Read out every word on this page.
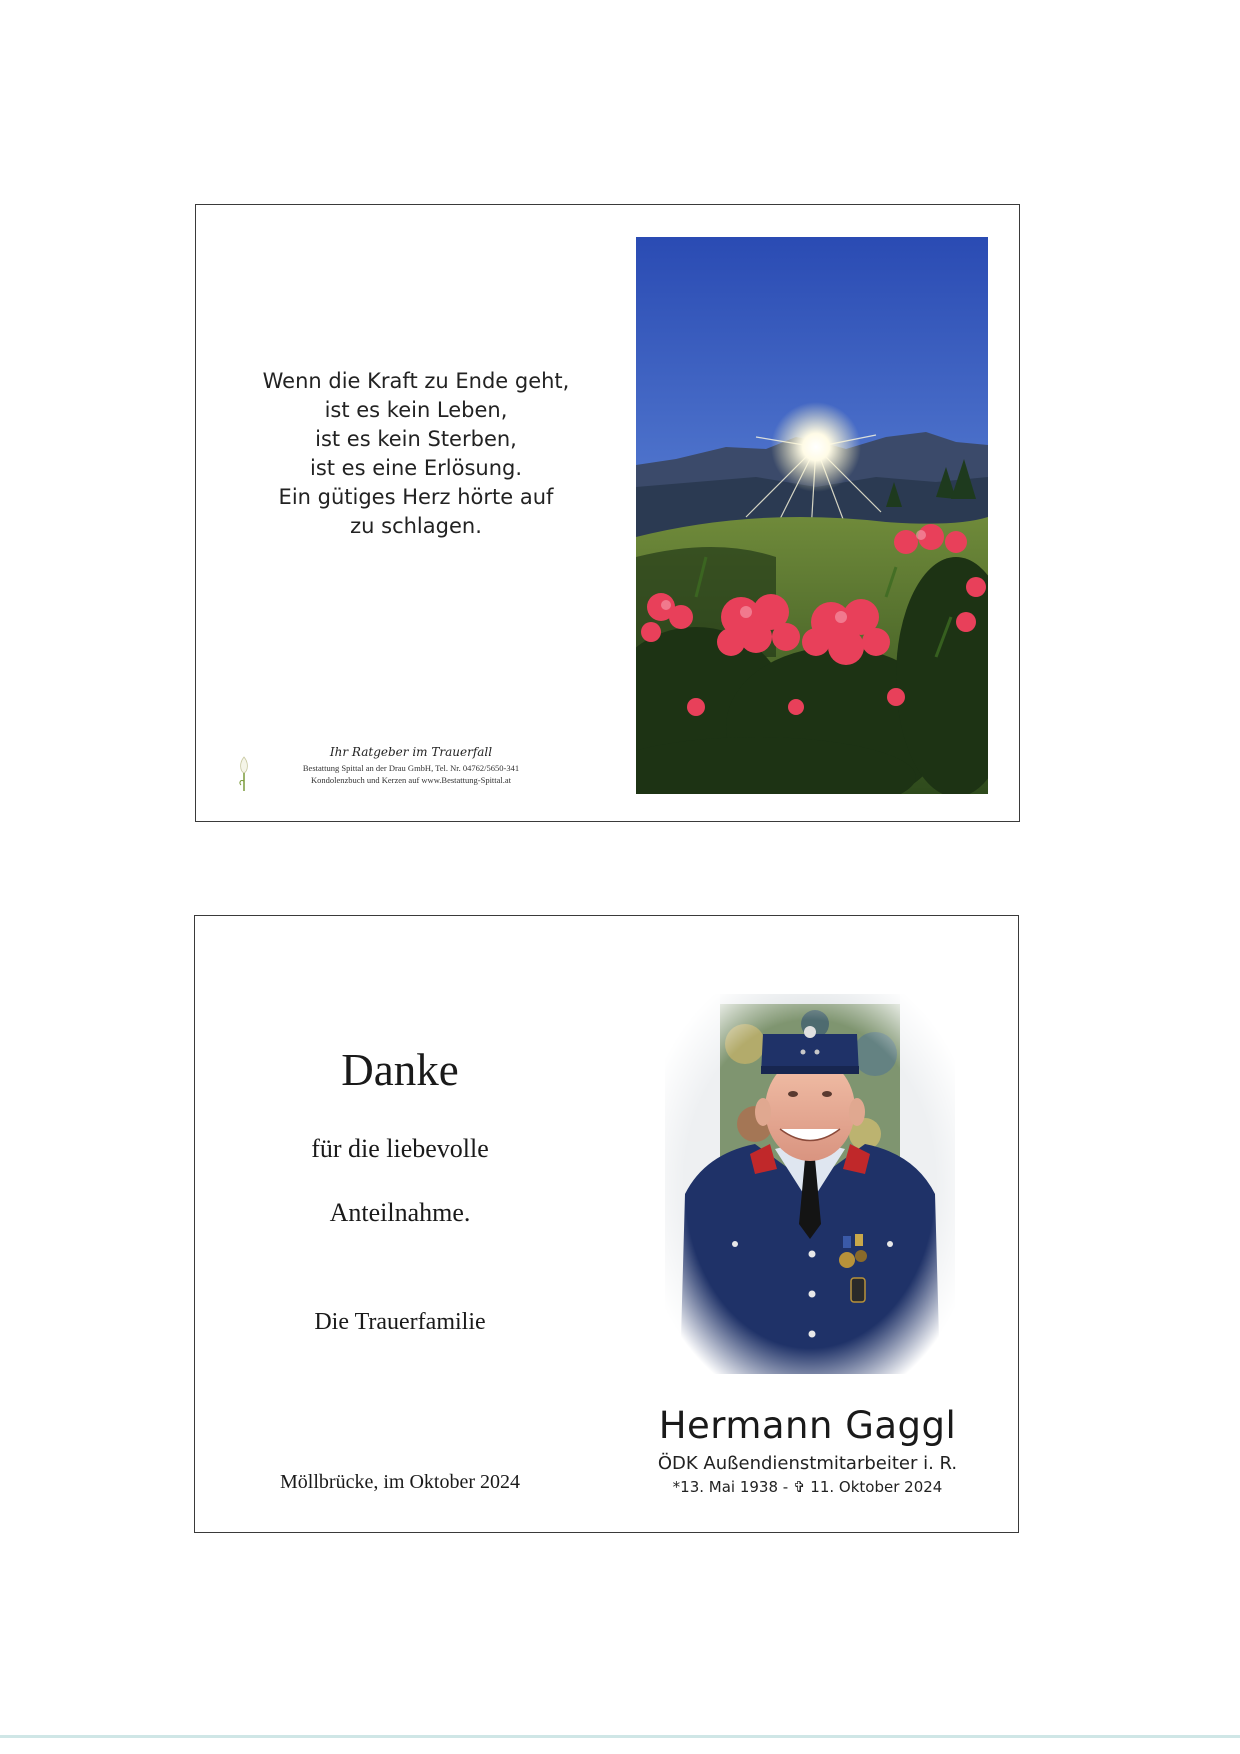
Wenn die Kraft zu Ende geht,
ist es kein Leben,
ist es kein Sterben,
ist es eine Erlösung.
Ein gütiges Herz hörte auf
zu schlagen.
Ihr Ratgeber im Trauerfall
Bestattung Spittal an der Drau GmbH, Tel. Nr. 04762/5650-341
Kondolenzbuch und Kerzen auf www.Bestattung-Spittal.at
Danke
für die liebevolle
Anteilnahme.
Die Trauerfamilie
Möllbrücke, im Oktober 2024
Hermann Gaggl
ÖDK Außendienstmitarbeiter i. R.
*13. Mai 1938 - ✞ 11. Oktober 2024
